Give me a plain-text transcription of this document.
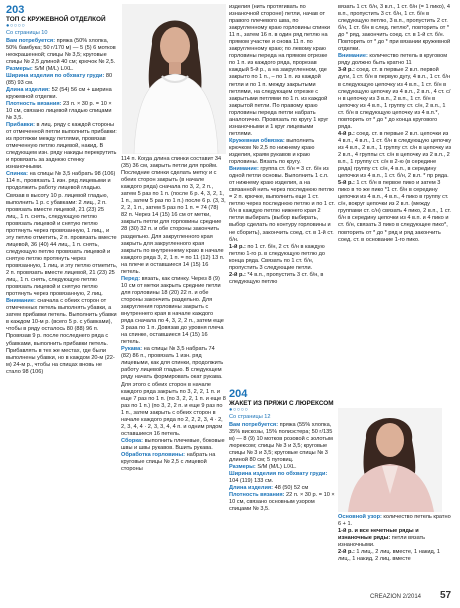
203
ТОП С КРУЖЕВНОЙ ОТДЕЛКОЙ
●○○○○
Со страницы 10

Вам потребуется: пряжа (50% хлопка, 50% бамбука; 50 г/170 м) — 5 (5) 6 мотков неокрашенной; спицы № 3,5; круговые спицы № 2,5 длиной 40 см; крючок № 2,5.

Размеры: S/M (M/L) L/XL.

Ширина изделия по обхвату груди: 80 (85) 93 см.

Длина изделия: 52 (54) 56 см + ширина кружевной отделки.

Плотность вязания: 23 п. × 30 р. = 10 × 10 см, связано лицевой гладью спицами № 3,5.

Прибавки: в лиц. ряду с каждой стороны от отмеченной петли выполнить прибавки: из протяжки между петлями, провязав отмеченную петлю лицевой, накид. В следующем изн. ряду накиды перекрутить и провязать за заднюю стенку изнаночными.

Спинка: на спицы № 3,5 набрать 98 (106) 114 п., провязать 1 изн. ряд лицевыми и продолжить работу лицевой гладью. Связав в высоту 10 р. лицевой гладью, выполнить 1 р. с убавками: 2 лиц., 2 п. провязать вместе лицевой, 21 (23) 25 лиц., 1 п. снять, следующую петлю провязать лицевой и снятую петлю протянуть через провязанную, 1 лиц., и эту петлю отметить, 2 п. провязать вместе лицевой, 36 (40) 44 лиц., 1 п. снять, следующую петлю провязать лицевой и снятую петлю протянуть через провязанную, 1 лиц. и эту петлю отметить, 2 п. провязать вместе лицевой, 21 (23) 25 лиц., 1 п. снять, следующую петлю провязать лицевой и снятую петлю протянуть через провязанную, 2 лиц.

Внимание: сначала с обеих сторон от отмеченных петель выполнять убавки, а затем прибавки петель. Выполнить убавки в каждом 10-м р. (всего 5 р. с убавками), чтобы в ряду осталось 80 (88) 96 п. Провязав 9 р. после последнего ряда с убавками, выполнить прибавки петель. Прибавлять в тех же местах, где были выполнены убавки, но в каждом 20-м (22-м) 24-м р., чтобы на спицах вновь не стало 98 (106)

114 п. Когда длина спинки составит 34 (35) 36 см, закрыть петли для пройм. Последние спинки сделать метку и с обеих сторон закрыть (в начале каждого ряда) сначала по 3, 2, 2 п., затем 5 раз по 1 п. (после 6 р. 4, 3, 2, 1, 1 п., затем 5 раз по 1 п.) после 6 р. (3, 3, 2, 2, 1 п., затем 5 раз по 1 п. = 74 (78) 82 п. Через 14 (15) 16 см от метки, закрыть петли для горловины средние 28 (30) 32 п. и обе стороны закончить раздельно. Для закругленного края закрыть для закругленного края закрыть по внутреннему краю в начале каждого ряда 3, 2, 1 п. = по 11 (12) 13 п. на плече и оставшиеся 14 (15) 16 петель.

Перед: вязать, как спинку. Через 8 (9) 10 см от метки закрыть средние петли для горловины 18 (20) 22 п. и обе стороны закончить раздельно. Для закругления горловины закрыть с внутреннего края в начале каждого ряда сначала по 4, 3, 2, 2 п., затем еще 3 раза по 1 п. Довязав до уровня плеча на спинке, оставшиеся 14 (15) 16 петель.

Рукава: на спицы № 3,5 набрать 74 (82) 86 п., провязать 1 изн. ряд лицевыми, как для спинки, продолжить работу лицевой гладью. В следующем ряду начать формировать окат рукава. Для этого с обеих сторон в начале каждого ряда закрыть по 3, 2, 2, 1 п. и еще 7 раз по 1 п. (по 3, 2, 2, 1 п. и еще 8 раз по 1 п.) (по 3, 2, 2 п. и еще 9 раз по 1 п., затем закрыть с обеих сторон в начале каждого ряда по 2, 2, 2, 3, 4 · 2, 2, 3, 4, 4 · 2, 3, 3, 4, 4 п. и одним рядом оставшиеся 16 петель.

Сборка: выполнить плечевые, боковые швы и швы рукавов. Вшить рукава.

Обработка горловины: набрать на круговые спицы № 2,5 с лицевой стороны

изделия (нить протягивать по изнаночной стороне) петли, начав от правого плечевого шва, по закругленному краю горловины спинки 11 п., затем 16 п. в один ряд петлю на прямом участке и снова 11 п. по закругленному краю; по левому краю горловины переда на прямом отрезке по 1 п. из каждого ряда, прорезав каждый 5-й р., а на закругленном, где закрыто по 1 п., – по 1 п. из каждой петли и по 1 п. между закрытыми петлями, на следующем отрезке с закрытыми петлями по 1 п. из каждой закрытой петли. По правому краю горловины переда петли набрать аналогично. Провязать по кругу 1 круг изнаночными и 1 круг лицевыми петлями.

Кружевная обвязка: выполнить крючком № 2,5 по нижнему краю изделия, краям рукавов и краю горловины. Вязать по кругу.

Внимание: группа ст. б/н = 3 ст. б/н из одной петли основы. Выполнить 1 с.п. от нижнему краю изделия, а на связанной нить через последнюю петлю = 2 п. крючке, выполнить еще 1 ст. петлю через последнюю петлю и по 1 ст. б/н в каждую петлю нижнего края 2 петли выбирать (выбор выбирать, выбор сделать по контуру горловины и не сборить), закончить соед. ст. в 1-й ст. б/н.

1-й р.: по 1 ст. б/н, 2 ст. б/н в каждую петлю 1-го р. в следующую петлю до конца ряда. Связать по 1 ст. б/н, пропустить 3 следующие петли.

2-й р.: *4 в.п., пропустить 3 ст. б/н, в следующую петлю

вязать 1 ст. б/н, 3 в.п., 1 ст. б/н (= 1 пико), 4 в.п., пропустить 3 ст. б/н, 1 ст. б/н в следующую петлю, 3 в.п., пропустить 2 ст. б/н, 1 ст. б/н в след. петлю*, повторить от * до * ряд, закончить соед. ст. в 1-й ст. б/н. Повторить от * до * при вязании кружевной отделки.

Внимание: количество петель в круговом ряду должно быть кратно 11

3-й р.: соед. ст. в первые 2 в.п. первой дуги, 1 ст. б/н в первую дугу, 4 в.п., 1 ст. б/н в следующую цепочку из 4 в.п., 1 ст. б/н в следующую цепочку из 4 в.п., 2 в.п., 4 ст. с/н в цепочку из 3 в.п., 2 в.п., 1 ст. б/н в цепочку из 4 в.п., 1 группу ст. с/н, 2 в.п., 1 ст. б/н в следующую цепочку из 4 в.п.*, повторить от * до * до конца кругового ряда.

4-й р.: соед. ст. в первые 2 в.п. цепочки из 4 в.п., 4 в.п., 1 ст. б/н в следующую цепочку из 4 в.п., 2 в.п., 1 группу ст. с/н в цепочку из 2 в.п., 4 группы ст. с/н в цепочку из 2 в.п., 2 в.п., 1 группу ст. с/н в 2-ю (в середине ряда) группу ст. с/н, 4 в.п., в середину цепочки из 4 в.п., 1 ст. б/н, 2 в.п. * пр ряда.

5-й р.: 1 ст. б/н в первое пико и затем 3 пико в то же пико *1 ст. б/н в середину цепочки из 4 в.п., 4 в.п., 4 пико в группу ст. с/н, вокруг цепочки из 2 в.п. (между группами ст. с/н) связать 4 пико, 2 в.п., 1 ст. б/н в середину цепочки из 4 в.п. и 4 пико и ст. б/н, связать 3 пико в следующее пико*, повторить от * до * ряд и ряд закончить соед. ст. в основание 1-го пико.

204
ЖАКЕТ ИЗ ПРЯЖИ С ЛЮРЕКСОМ
●○○○○
Со страницы 12

Вам потребуется: пряжа (55% хлопка, 35% вискозы, 15% полиэстера; 50 г/135 м) — 8 (9) 10 мотков розовой с золотым люрексом; спицы № 3 и 3,5; круговые спицы № 3 и 3,5; круговые спицы № 3 длиной 80 см; 5 пуговиц.

Размеры: S/M (M/L) L/XL.

Ширина изделия по обхвату груди: 104 (119) 133 см.

Длина изделия: 48 (50) 52 см

Плотность вязания: 22 п. × 30 р. = 10 × 10 см, связано основным узором спицами № 3,5.

Основной узор: количество петель кратно 6 + 1.

1-й р. и все нечетные ряды и изнаночные ряды: петли вязать изнаночными.

2-й р.: 1 лиц., 2 лиц. вместе, 1 накид, 1 лиц., 1 накид, 2 лиц. вместе

CREAZION 2/2014 57
